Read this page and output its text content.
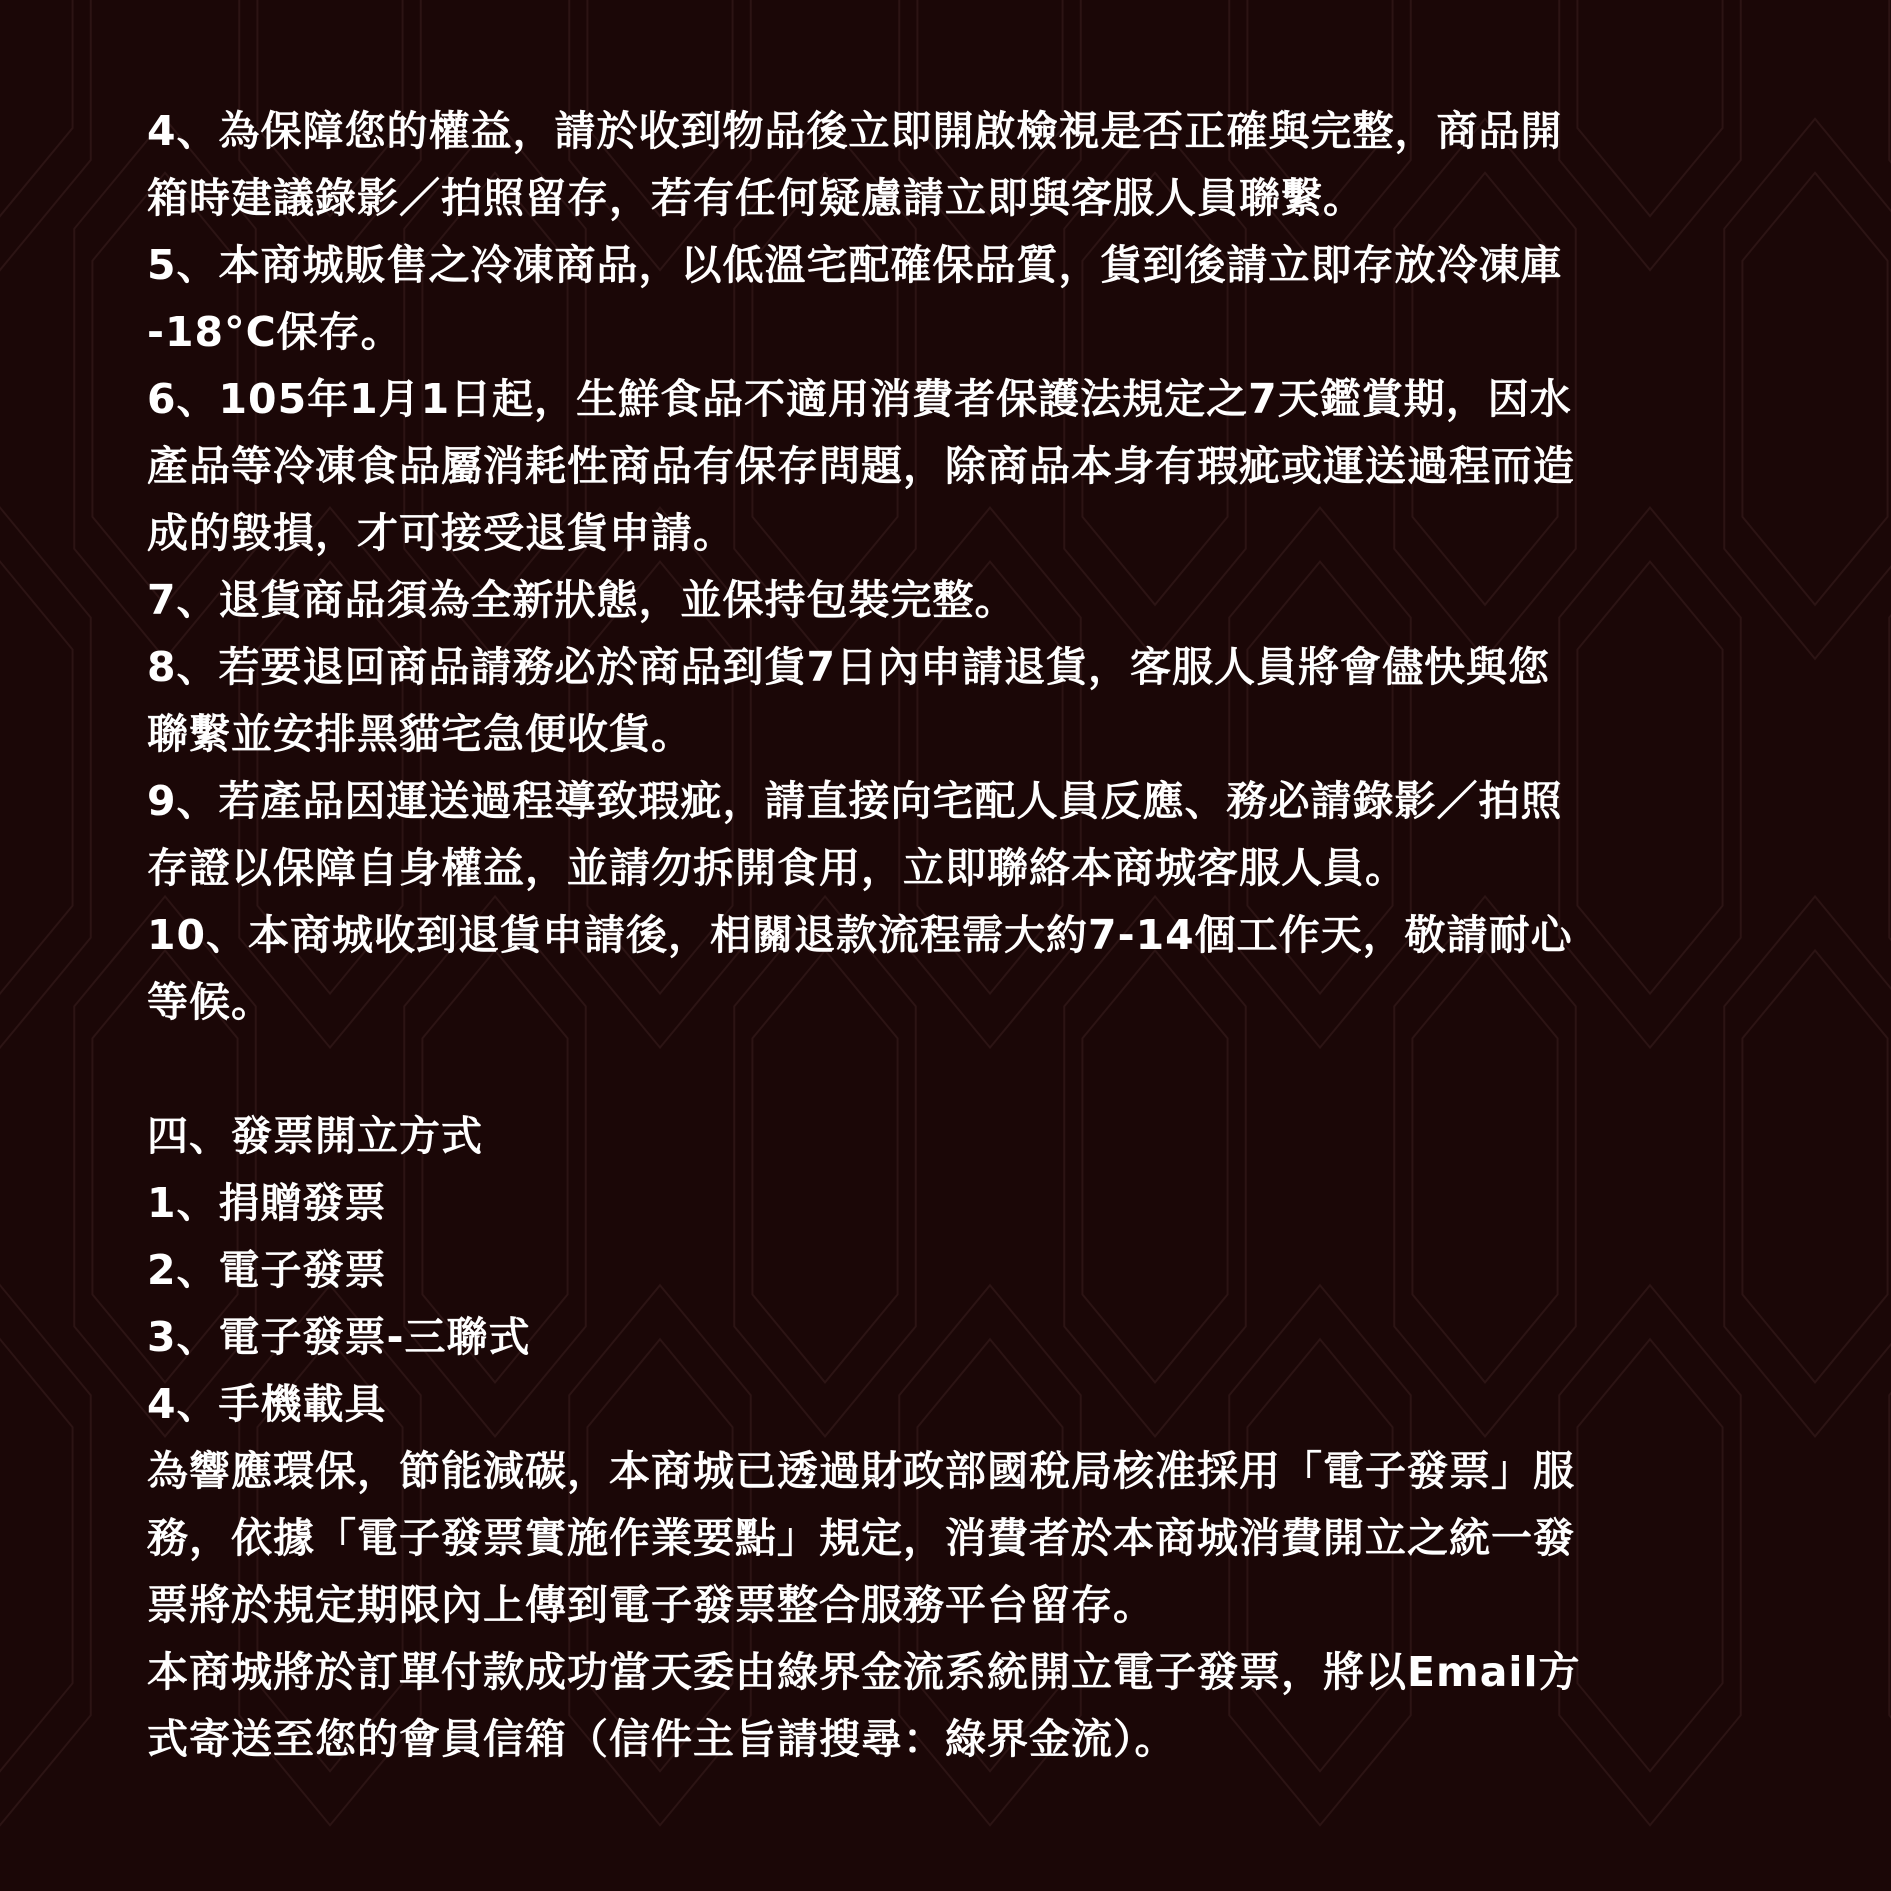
4、為保障您的權益，請於收到物品後立即開啟檢視是否正確與完整，商品開
箱時建議錄影／拍照留存，若有任何疑慮請立即與客服人員聯繫。
5、本商城販售之冷凍商品，以低溫宅配確保品質，貨到後請立即存放冷凍庫
-18°C保存。
6、105年1月1日起，生鮮食品不適用消費者保護法規定之7天鑑賞期，因水
產品等冷凍食品屬消耗性商品有保存問題，除商品本身有瑕疵或運送過程而造
成的毀損，才可接受退貨申請。
7、退貨商品須為全新狀態，並保持包裝完整。
8、若要退回商品請務必於商品到貨7日內申請退貨，客服人員將會儘快與您
聯繫並安排黑貓宅急便收貨。
9、若產品因運送過程導致瑕疵，請直接向宅配人員反應、務必請錄影／拍照
存證以保障自身權益，並請勿拆開食用，立即聯絡本商城客服人員。
10、本商城收到退貨申請後，相關退款流程需大約7-14個工作天，敬請耐心
等候。
四、發票開立方式
1、捐贈發票
2、電子發票
3、電子發票-三聯式
4、手機載具
為響應環保，節能減碳，本商城已透過財政部國稅局核准採用「電子發票」服
務，依據「電子發票實施作業要點」規定，消費者於本商城消費開立之統一發
票將於規定期限內上傳到電子發票整合服務平台留存。
本商城將於訂單付款成功當天委由綠界金流系統開立電子發票，將以Email方
式寄送至您的會員信箱（信件主旨請搜尋：綠界金流）。
